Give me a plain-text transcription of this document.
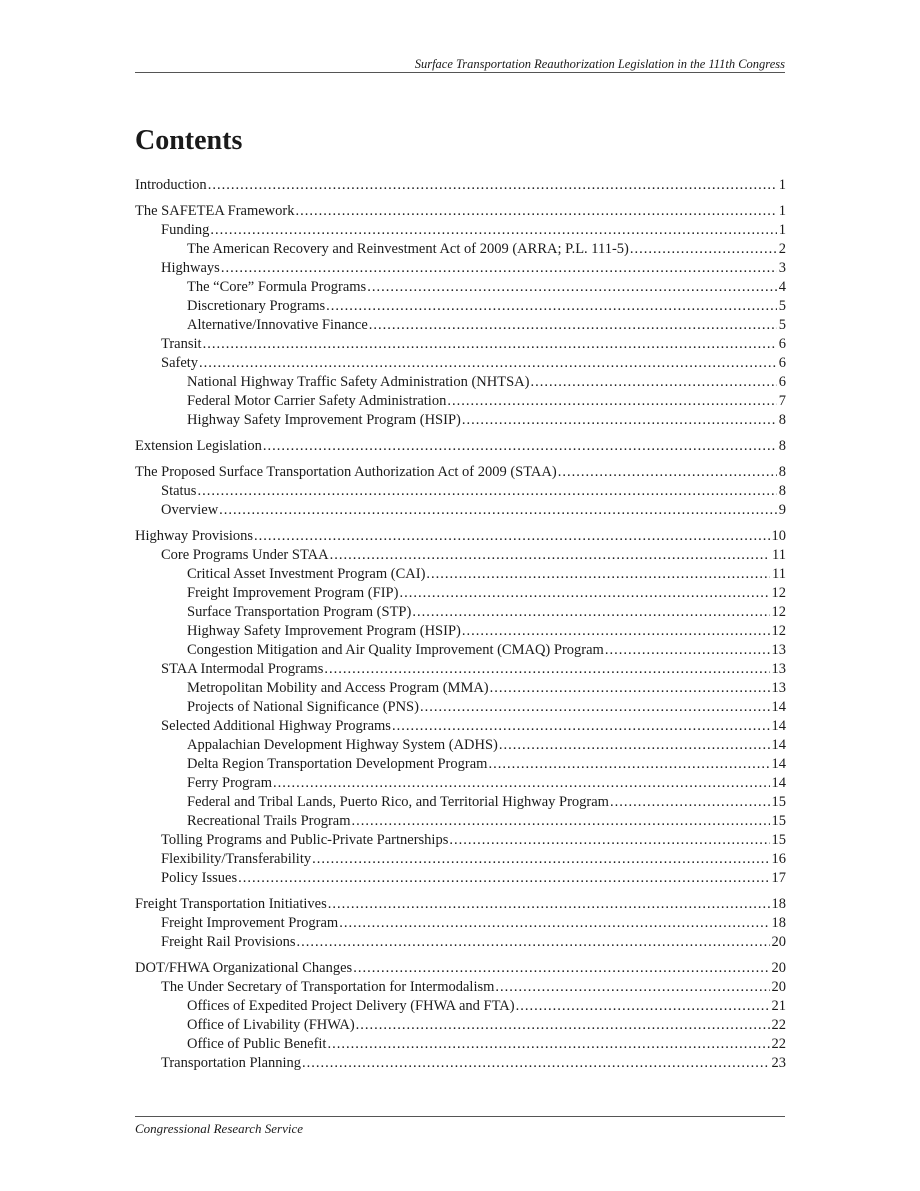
Surface Transportation Reauthorization Legislation in the 111th Congress
Contents
Introduction .....	1
The SAFETEA Framework .....	1
Funding .....	1
The American Recovery and Reinvestment Act of 2009 (ARRA; P.L. 111-5) .....	2
Highways .....	3
The “Core” Formula Programs .....	4
Discretionary Programs .....	5
Alternative/Innovative Finance .....	5
Transit .....	6
Safety .....	6
National Highway Traffic Safety Administration (NHTSA) .....	6
Federal Motor Carrier Safety Administration .....	7
Highway Safety Improvement Program (HSIP) .....	8
Extension Legislation .....	8
The Proposed Surface Transportation Authorization Act of 2009 (STAA) .....	8
Status .....	8
Overview .....	9
Highway Provisions .....	10
Core Programs Under STAA .....	11
Critical Asset Investment Program (CAI) .....	11
Freight Improvement Program (FIP) .....	12
Surface Transportation Program (STP) .....	12
Highway Safety Improvement Program (HSIP) .....	12
Congestion Mitigation and Air Quality Improvement (CMAQ) Program .....	13
STAA Intermodal Programs .....	13
Metropolitan Mobility and Access Program (MMA) .....	13
Projects of National Significance (PNS) .....	14
Selected Additional Highway Programs .....	14
Appalachian Development Highway System (ADHS) .....	14
Delta Region Transportation Development Program .....	14
Ferry Program .....	14
Federal and Tribal Lands, Puerto Rico, and Territorial Highway Program .....	15
Recreational Trails Program .....	15
Tolling Programs and Public-Private Partnerships .....	15
Flexibility/Transferability .....	16
Policy Issues .....	17
Freight Transportation Initiatives .....	18
Freight Improvement Program .....	18
Freight Rail Provisions .....	20
DOT/FHWA Organizational Changes .....	20
The Under Secretary of Transportation for Intermodalism .....	20
Offices of Expedited Project Delivery (FHWA and FTA) .....	21
Office of Livability (FHWA) .....	22
Office of Public Benefit .....	22
Transportation Planning .....	23
Congressional Research Service
